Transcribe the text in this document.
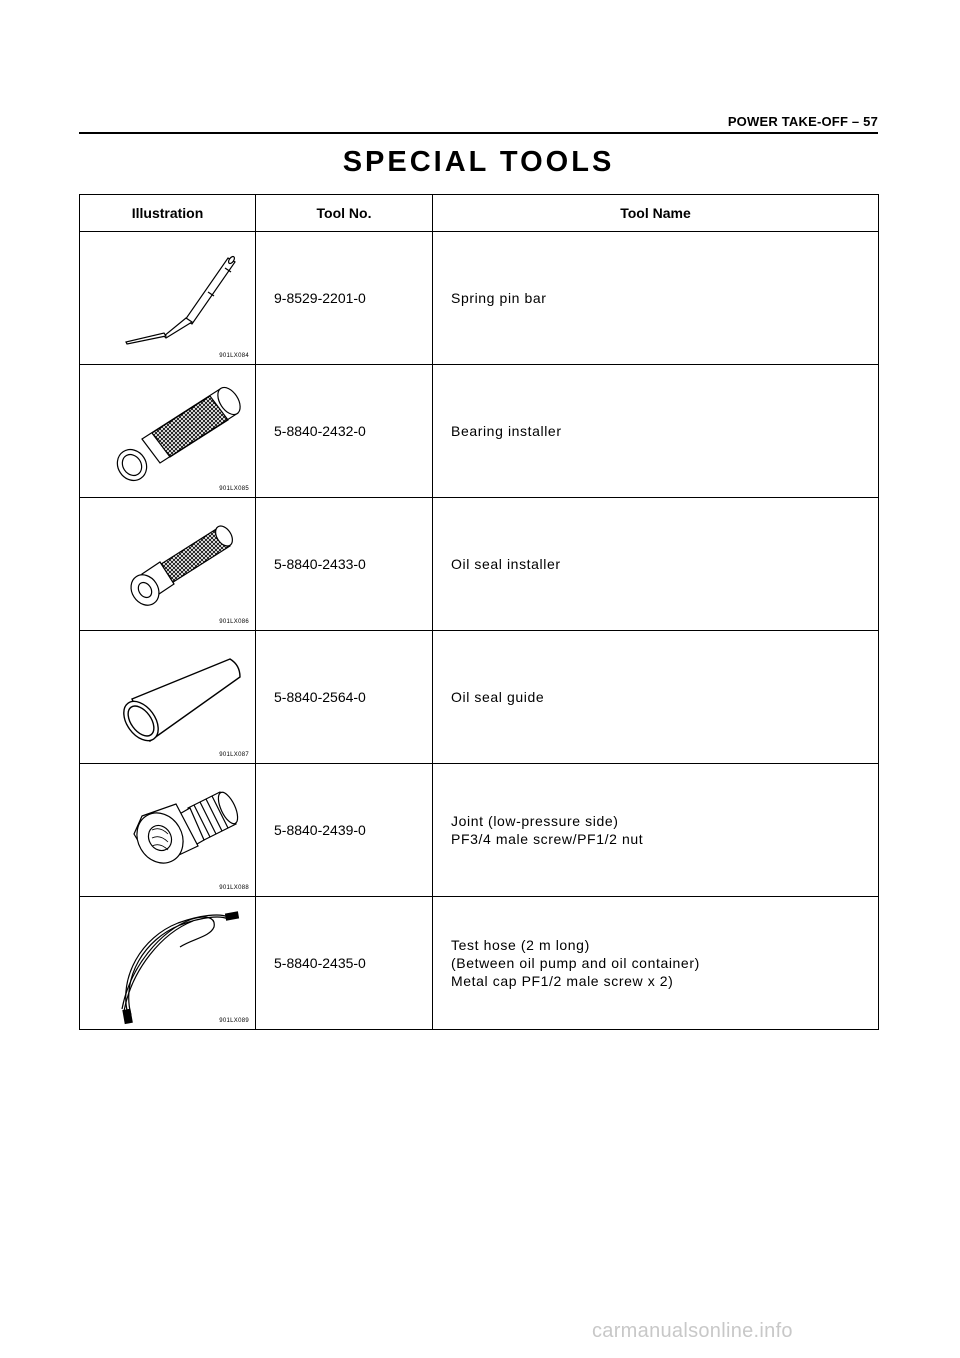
POWER TAKE-OFF – 57
SPECIAL TOOLS
Illustration	Tool No.	Tool Name

901LX084	9-8529-2201-0	Spring pin bar

901LX085	5-8840-2432-0	Bearing installer

901LX086	5-8840-2433-0	Oil seal installer

901LX087	5-8840-2564-0	Oil seal guide

901LX088	5-8840-2439-0	Joint (low-pressure side)
PF3/4 male screw/PF1/2 nut

901LX089	5-8840-2435-0	Test hose (2 m long)
(Between oil pump and oil container)
Metal cap PF1/2 male screw x 2)
carmanualsonline.info
